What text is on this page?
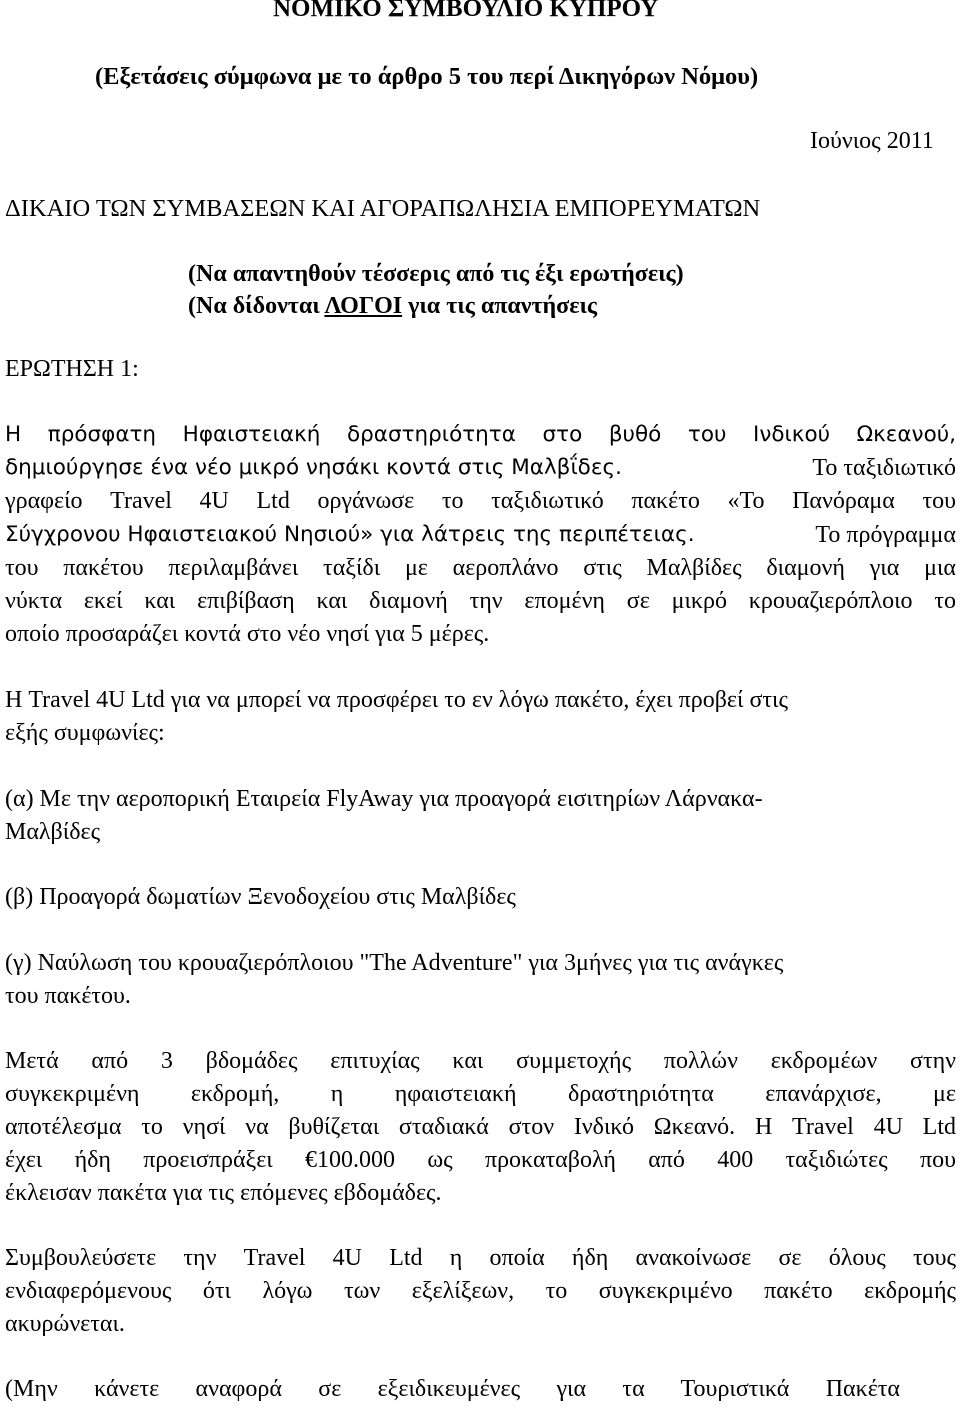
ΝΟΜΙΚΟ ΣΥΜΒΟΥΛΙΟ ΚΥΠΡΟΥ
(Εξετάσεις σύμφωνα με το άρθρο 5 του περί Δικηγόρων Νόμου)
Ιούνιος 2011
ΔΙΚΑΙΟ ΤΩΝ ΣΥΜΒΑΣΕΩΝ ΚΑΙ ΑΓΟΡΑΠΩΛΗΣΙΑ ΕΜΠΟΡΕΥΜΑΤΩΝ
(Να απαντηθούν τέσσερις από τις έξι ερωτήσεις)
(Να δίδονται ΛΟΓΟΙ για τις απαντήσεις
ΕΡΩΤΗΣΗ 1:
Η πρόσφατη Ηφαιστειακή δραστηριότητα στο βυθό του Ινδικού Ωκεανού,
δημιούργησε ένα νέο μικρό νησάκι κοντά στις Μαλβΐδες.	Το ταξιδιωτικό
γραφείο Travel 4U Ltd οργάνωσε το ταξιδιωτικό πακέτο «Το Πανόραμα του
Σύγχρονου Ηφαιστειακού Νησιού» για λάτρεις της περιπέτειας.	Το πρόγραμμα
του πακέτου περιλαμβάνει ταξίδι με αεροπλάνο στις Μαλβίδες διαμονή για μια
νύκτα εκεί και επιβίβαση και διαμονή την επομένη σε μικρό κρουαζιερόπλοιο το
οποίο προσαράζει κοντά στο νέο νησί για 5 μέρες.
Η Travel 4U Ltd για να μπορεί να προσφέρει το εν λόγω πακέτο, έχει προβεί στις
εξής συμφωνίες:
(α) Με την αεροπορική Εταιρεία FlyAway για προαγορά εισιτηρίων Λάρνακα-
Μαλβίδες
(β) Προαγορά δωματίων Ξενοδοχείου στις Μαλβίδες
(γ) Ναύλωση του κρουαζιερόπλοιου "The Adventure" για 3μήνες για τις ανάγκες
του πακέτου.
Μετά από 3 βδομάδες επιτυχίας και συμμετοχής πολλών εκδρομέων στην
συγκεκριμένη εκδρομή, η ηφαιστειακή δραστηριότητα επανάρχισε, με
αποτέλεσμα το νησί να βυθίζεται σταδιακά στον Ινδικό Ωκεανό. Η Travel 4U Ltd
έχει ήδη προεισπράξει €100.000 ως προκαταβολή από 400 ταξιδιώτες που
έκλεισαν πακέτα για τις επόμενες εβδομάδες.
Συμβουλεύσετε την Travel 4U Ltd η οποία ήδη ανακοίνωσε σε όλους τους
ενδιαφερόμενους ότι λόγω των εξελίξεων, το συγκεκριμένο πακέτο εκδρομής
ακυρώνεται.
(Μην κάνετε αναφορά σε εξειδικευμένες για τα Τουριστικά Πακέτα
